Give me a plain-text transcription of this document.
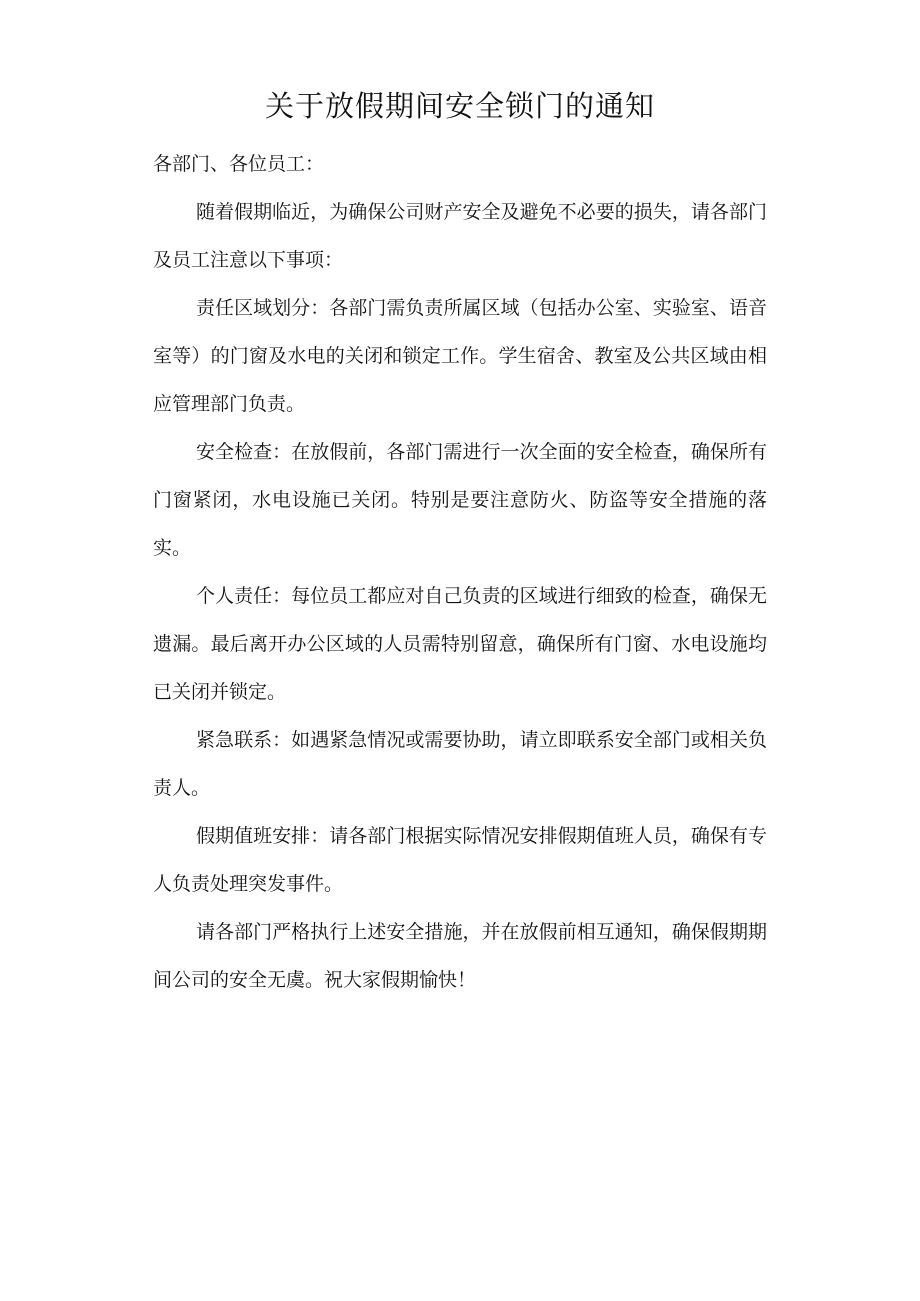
关于放假期间安全锁门的通知

各部门、各位员工：

随着假期临近，为确保公司财产安全及避免不必要的损失，请各部门及员工注意以下事项：

责任区域划分：各部门需负责所属区域（包括办公室、实验室、语音室等）的门窗及水电的关闭和锁定工作。学生宿舍、教室及公共区域由相应管理部门负责。

安全检查：在放假前，各部门需进行一次全面的安全检查，确保所有门窗紧闭，水电设施已关闭。特别是要注意防火、防盗等安全措施的落实。

个人责任：每位员工都应对自己负责的区域进行细致的检查，确保无遗漏。最后离开办公区域的人员需特别留意，确保所有门窗、水电设施均已关闭并锁定。

紧急联系：如遇紧急情况或需要协助，请立即联系安全部门或相关负责人。

假期值班安排：请各部门根据实际情况安排假期值班人员，确保有专人负责处理突发事件。

请各部门严格执行上述安全措施，并在放假前相互通知，确保假期期间公司的安全无虞。祝大家假期愉快！
